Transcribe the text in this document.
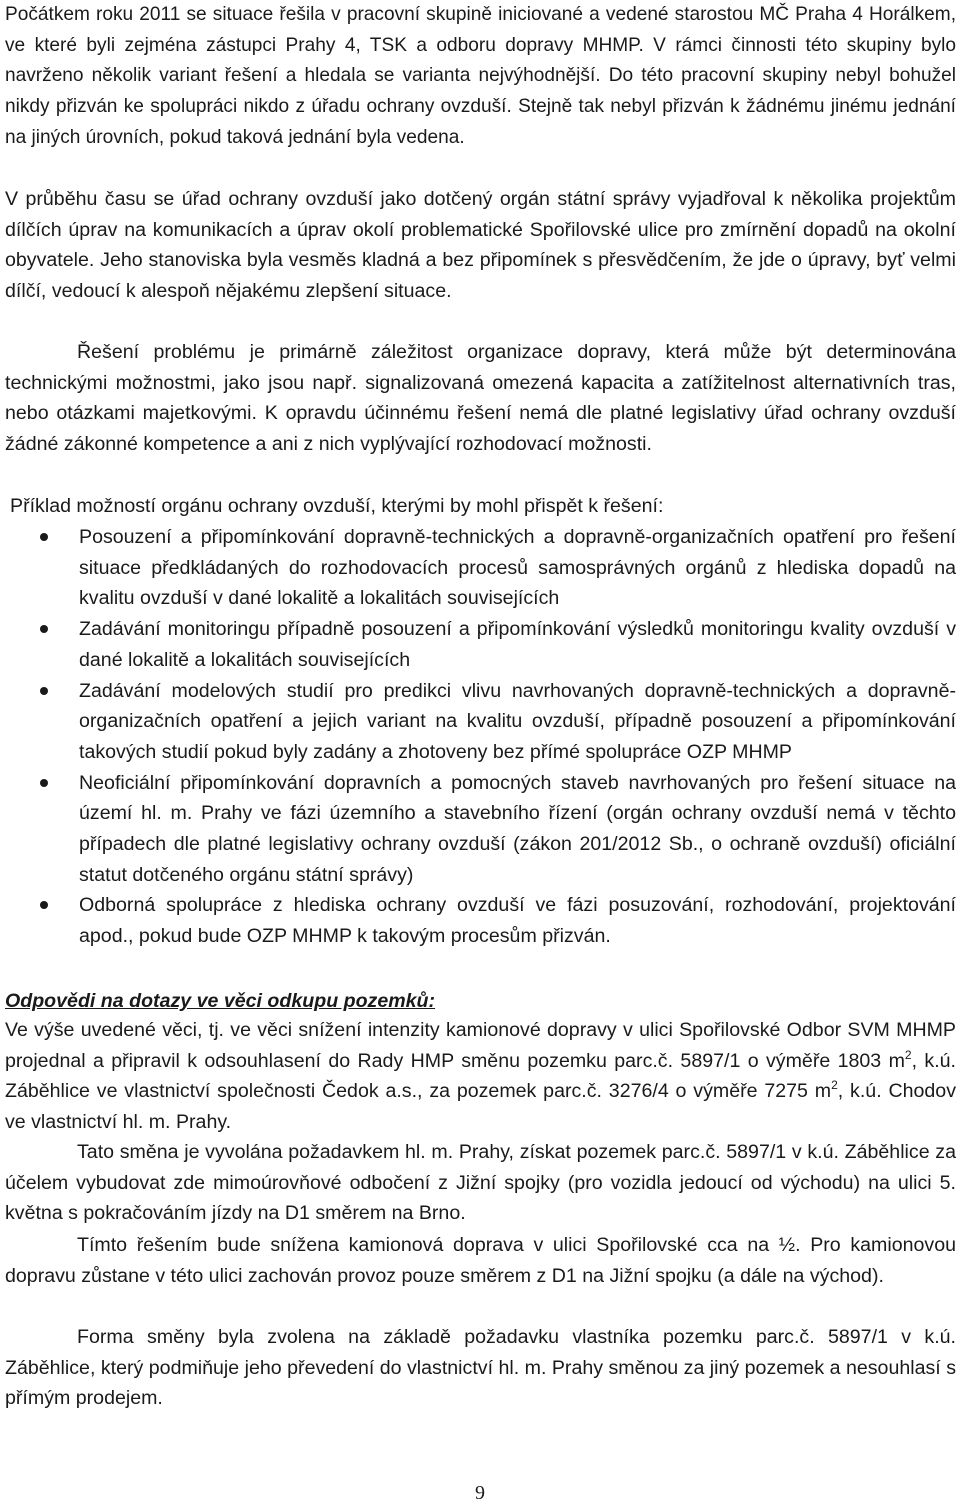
Počátkem roku 2011 se situace řešila v pracovní skupině iniciované a vedené starostou MČ Praha 4 Horálkem, ve které byli zejména zástupci Prahy 4, TSK a odboru dopravy MHMP. V rámci činnosti této skupiny bylo navrženo několik variant řešení a hledala se varianta nejvýhodnější. Do této pracovní skupiny nebyl bohužel nikdy přizván ke spolupráci nikdo z úřadu ochrany ovzduší. Stejně tak nebyl přizván k žádnému jinému jednání na jiných úrovních, pokud taková jednání byla vedena.

V průběhu času se úřad ochrany ovzduší jako dotčený orgán státní správy vyjadřoval k několika projektům dílčích úprav na komunikacích a úprav okolí problematické Spořilovské ulice pro zmírnění dopadů na okolní obyvatele. Jeho stanoviska byla vesměs kladná a bez připomínek s přesvědčením, že jde o úpravy, byť velmi dílčí, vedoucí k alespoň nějakému zlepšení situace.

Řešení problému je primárně záležitost organizace dopravy, která může být determinována technickými možnostmi, jako jsou např. signalizovaná omezená kapacita a zatížitelnost alternativních tras, nebo otázkami majetkovými. K opravdu účinnému řešení nemá dle platné legislativy úřad ochrany ovzduší žádné zákonné kompetence a ani z nich vyplývající rozhodovací možnosti.

Příklad možností orgánu ochrany ovzduší, kterými by mohl přispět k řešení:

Posouzení a připomínkování dopravně-technických a dopravně-organizačních opatření pro řešení situace předkládaných do rozhodovacích procesů samosprávných orgánů z hlediska dopadů na kvalitu ovzduší v dané lokalitě a lokalitách souvisejících
Zadávání monitoringu případně posouzení a připomínkování výsledků monitoringu kvality ovzduší v dané lokalitě a lokalitách souvisejících
Zadávání modelových studií pro predikci vlivu navrhovaných dopravně-technických a dopravně-organizačních opatření a jejich variant na kvalitu ovzduší, případně posouzení a připomínkování takových studií pokud byly zadány a zhotoveny bez přímé spolupráce OZP MHMP
Neoficiální připomínkování dopravních a pomocných staveb navrhovaných pro řešení situace na území hl. m. Prahy ve fázi územního a stavebního řízení (orgán ochrany ovzduší nemá v těchto případech dle platné legislativy ochrany ovzduší (zákon 201/2012 Sb., o ochraně ovzduší) oficiální statut dotčeného orgánu státní správy)
Odborná spolupráce z hlediska ochrany ovzduší ve fázi posuzování, rozhodování, projektování apod., pokud bude OZP MHMP k takovým procesům přizván.

Odpovědi na dotazy ve věci odkupu pozemků:

Ve výše uvedené věci, tj. ve věci snížení intenzity kamionové dopravy v ulici Spořilovské Odbor SVM MHMP projednal a připravil k odsouhlasení do Rady HMP směnu pozemku parc.č. 5897/1 o výměře 1803 $m^2$, k.ú. Záběhlice ve vlastnictví společnosti Čedok a.s., za pozemek parc.č. 3276/4 o výměře 7275 $m^2$, k.ú. Chodov ve vlastnictví hl. m. Prahy.

Tato směna je vyvolána požadavkem hl. m. Prahy, získat pozemek parc.č. 5897/1 v k.ú. Záběhlice za účelem vybudovat zde mimoúrovňové odbočení z Jižní spojky (pro vozidla jedoucí od východu) na ulici 5. května s pokračováním jízdy na D1 směrem na Brno.

Tímto řešením bude snížena kamionová doprava v ulici Spořilovské cca na ½. Pro kamionovou dopravu zůstane v této ulici zachován provoz pouze směrem z D1 na Jižní spojku (a dále na východ).

Forma směny byla zvolena na základě požadavku vlastníka pozemku parc.č. 5897/1 v k.ú. Záběhlice, který podmiňuje jeho převedení do vlastnictví hl. m. Prahy směnou za jiný pozemek a nesouhlasí s přímým prodejem.

9
